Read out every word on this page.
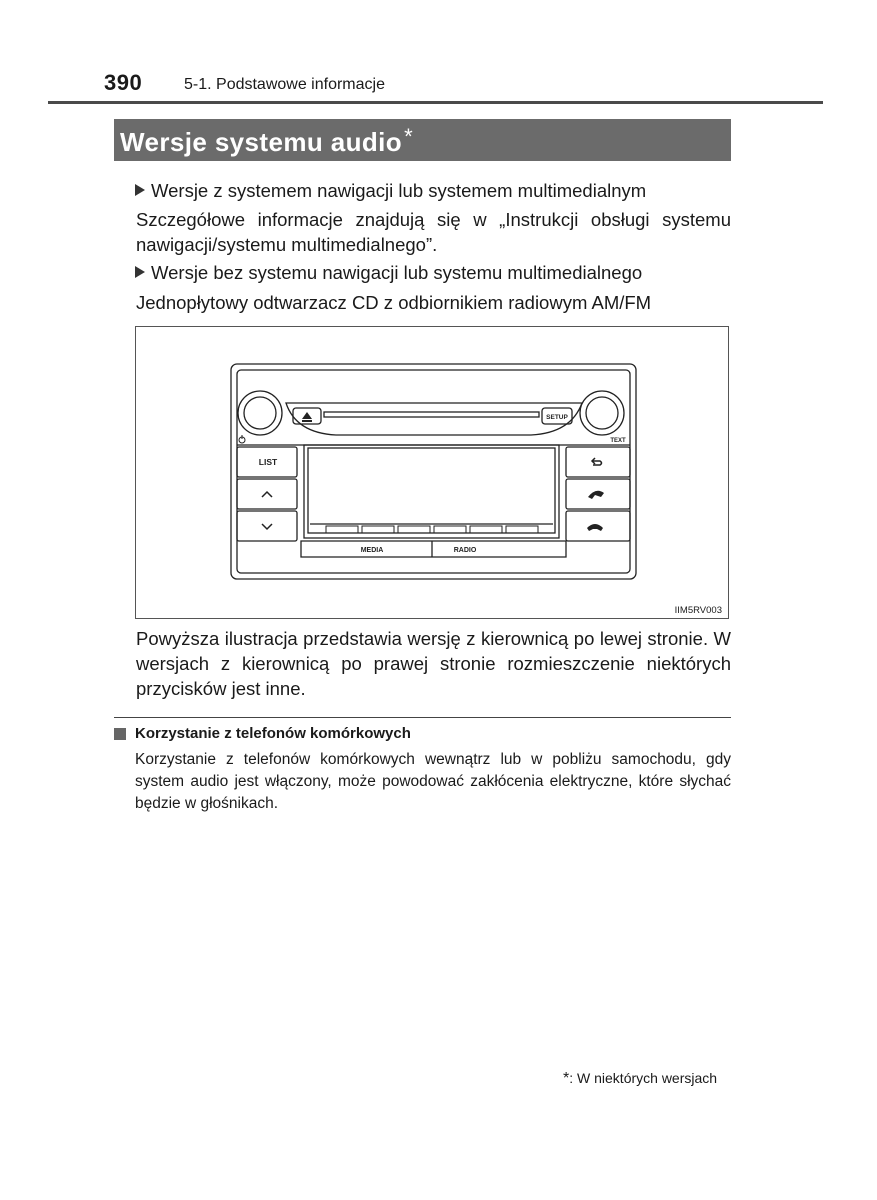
390	5-1. Podstawowe informacje
Wersje systemu audio*
Wersje z systemem nawigacji lub systemem multimedialnym
Szczegółowe informacje znajdują się w „Instrukcji obsługi systemu nawigacji/systemu multimedialnego”.
Wersje bez systemu nawigacji lub systemu multimedialnego
Jednopłytowy odtwarzacz CD z odbiornikiem radiowym AM/FM
SETUP
TEXT
LIST
MEDIA	RADIO
IIM5RV003
Powyższa ilustracja przedstawia wersję z kierownicą po lewej stronie. W wersjach z kierownicą po prawej stronie rozmieszczenie niektórych przycisków jest inne.
Korzystanie z telefonów komórkowych
Korzystanie z telefonów komórkowych wewnątrz lub w pobliżu samochodu, gdy system audio jest włączony, może powodować zakłócenia elektryczne, które słychać będzie w głośnikach.
*: W niektórych wersjach
